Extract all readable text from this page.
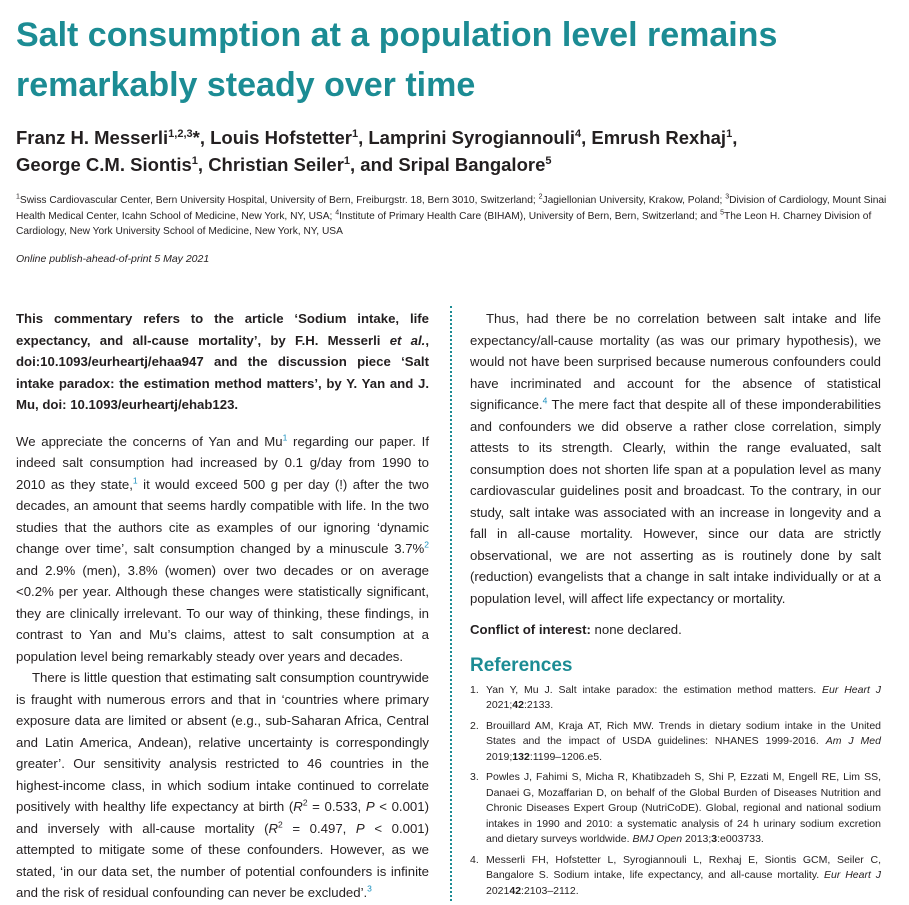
Salt consumption at a population level remains remarkably steady over time

Franz H. Messerli$^{1,2,3}$*, Louis Hofstetter$^1$, Lamprini Syrogiannouli$^4$, Emrush Rexhaj$^1$,
George C.M. Siontis$^1$, Christian Seiler$^1$, and Sripal Bangalore$^5$

$^1$Swiss Cardiovascular Center, Bern University Hospital, University of Bern, Freiburgstr. 18, Bern 3010, Switzerland; $^2$Jagiellonian University, Krakow, Poland; $^3$Division of Cardiology, Mount Sinai Health Medical Center, Icahn School of Medicine, New York, NY, USA; $^4$Institute of Primary Health Care (BIHAM), University of Bern, Bern, Switzerland; and $^5$The Leon H. Charney Division of Cardiology, New York University School of Medicine, New York, NY, USA

Online publish-ahead-of-print 5 May 2021

This commentary refers to the article ‘Sodium intake, life expectancy, and all-cause mortality’, by F.H. Messerli et al., doi:10.1093/eurheartj/ehaa947 and the discussion piece ‘Salt intake paradox: the estimation method matters’, by Y. Yan and J. Mu, doi: 10.1093/eurheartj/ehab123.

We appreciate the concerns of Yan and Mu$^1$ regarding our paper. If indeed salt consumption had increased by 0.1 g/day from 1990 to 2010 as they state,$^1$ it would exceed 500 g per day (!) after the two decades, an amount that seems hardly compatible with life. In the two studies that the authors cite as examples of our ignoring ‘dynamic change over time’, salt consumption changed by a minuscule 3.7%$^2$ and 2.9% (men), 3.8% (women) over two decades or on average <0.2% per year. Although these changes were statistically significant, they are clinically irrelevant. To our way of thinking, these findings, in contrast to Yan and Mu’s claims, attest to salt consumption at a population level being remarkably steady over years and decades.

There is little question that estimating salt consumption countrywide is fraught with numerous errors and that in ‘countries where primary exposure data are limited or absent (e.g., sub-Saharan Africa, Central and Latin America, Andean), relative uncertainty is correspondingly greater’. Our sensitivity analysis restricted to 46 countries in the highest-income class, in which sodium intake continued to correlate positively with healthy life expectancy at birth ($R^2 = 0.533$, P < 0.001) and inversely with all-cause mortality ($R^2 = 0.497$, P < 0.001) attempted to mitigate some of these confounders. However, as we stated, ‘in our data set, the number of potential confounders is infinite and the risk of residual confounding can never be excluded’.$^3$

Thus, had there be no correlation between salt intake and life expectancy/all-cause mortality (as was our primary hypothesis), we would not have been surprised because numerous confounders could have incriminated and account for the absence of statistical significance.$^4$ The mere fact that despite all of these imponderabilities and confounders we did observe a rather close correlation, simply attests to its strength. Clearly, within the range evaluated, salt consumption does not shorten life span at a population level as many cardiovascular guidelines posit and broadcast. To the contrary, in our study, salt intake was associated with an increase in longevity and a fall in all-cause mortality. However, since our data are strictly observational, we are not asserting as is routinely done by salt (reduction) evangelists that a change in salt intake individually or at a population level, will affect life expectancy or mortality.

Conflict of interest: none declared.

References
1. Yan Y, Mu J. Salt intake paradox: the estimation method matters. Eur Heart J 2021;42:2133.
2. Brouillard AM, Kraja AT, Rich MW. Trends in dietary sodium intake in the United States and the impact of USDA guidelines: NHANES 1999-2016. Am J Med 2019;132:1199–1206.e5.
3. Powles J, Fahimi S, Micha R, Khatibzadeh S, Shi P, Ezzati M, Engell RE, Lim SS, Danaei G, Mozaffarian D, on behalf of the Global Burden of Diseases Nutrition and Chronic Diseases Expert Group (NutriCoDE). Global, regional and national sodium intakes in 1990 and 2010: a systematic analysis of 24 h urinary sodium excretion and dietary surveys worldwide. BMJ Open 2013;3:e003733.
4. Messerli FH, Hofstetter L, Syrogiannouli L, Rexhaj E, Siontis GCM, Seiler C, Bangalore S. Sodium intake, life expectancy, and all-cause mortality. Eur Heart J 202142:2103–2112.
